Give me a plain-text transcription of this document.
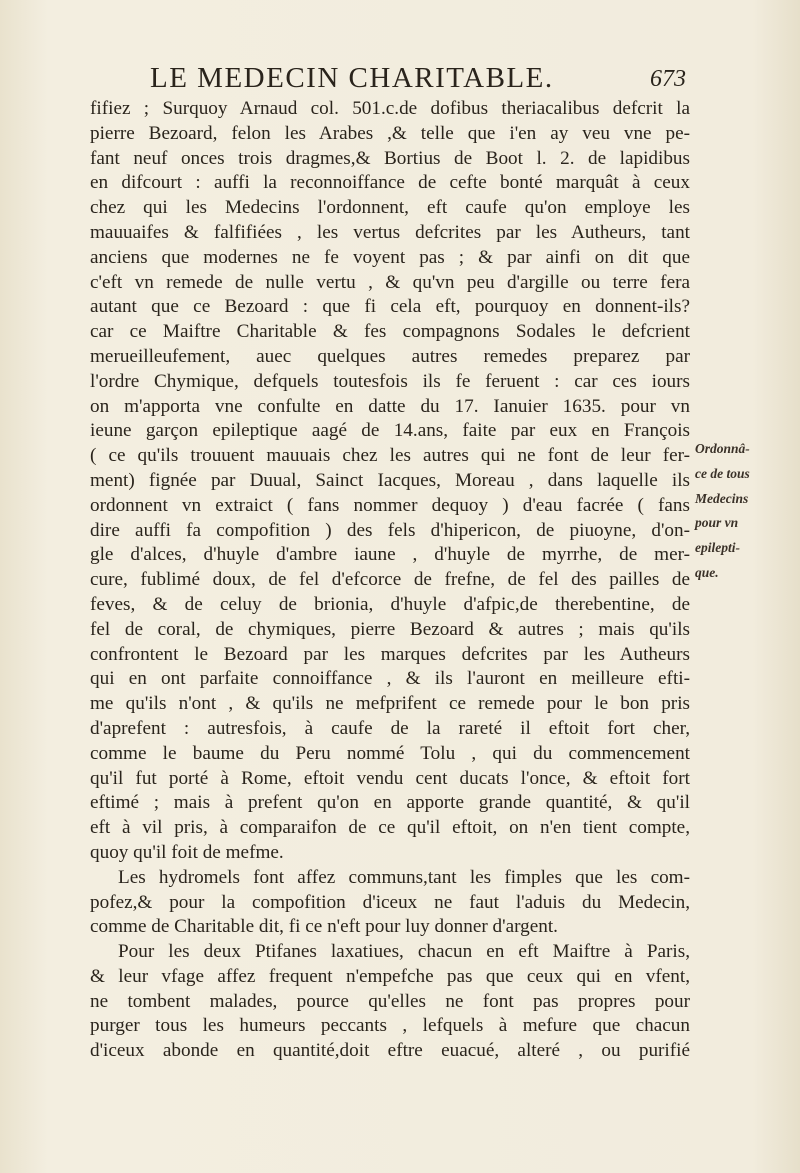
LE MEDECIN CHARITABLE.	673
fifiez ; Surquoy Arnaud col. 501.c.de dofibus theriacalibus defcrit la
pierre Bezoard, felon les Arabes ,& telle que i'en ay veu vne pe-
fant neuf onces trois dragmes,& Bortius de Boot l. 2. de lapidibus
en difcourt : auffi la reconnoiffance de cefte bonté marquât à ceux
chez qui les Medecins l'ordonnent, eft caufe qu'on employe les
mauuaifes & falfifiées , les vertus defcrites par les Autheurs, tant
anciens que modernes ne fe voyent pas ; & par ainfi on dit que
c'eft vn remede de nulle vertu , & qu'vn peu d'argille ou terre fera
autant que ce Bezoard : que fi cela eft, pourquoy en donnent-ils?
car ce Maiftre Charitable & fes compagnons Sodales le defcrient
merueilleufement, auec quelques autres remedes preparez par
l'ordre Chymique, defquels toutesfois ils fe feruent : car ces iours
on m'apporta vne confulte en datte du 17. Ianuier 1635. pour vn
ieune garçon epileptique aagé de 14.ans, faite par eux en François
( ce qu'ils trouuent mauuais chez les autres qui ne font de leur fer-
ment) fignée par Duual, Sainct Iacques, Moreau , dans laquelle ils
ordonnent vn extraict ( fans nommer dequoy ) d'eau facrée ( fans
dire auffi fa compofition ) des fels d'hipericon, de piuoyne, d'on-
gle d'alces, d'huyle d'ambre iaune , d'huyle de myrrhe, de mer-
cure, fublimé doux, de fel d'efcorce de frefne, de fel des pailles de
feves, & de celuy de brionia, d'huyle d'afpic,de therebentine, de
fel de coral, de chymiques, pierre Bezoard & autres ; mais qu'ils
confrontent le Bezoard par les marques defcrites par les Autheurs
qui en ont parfaite connoiffance , & ils l'auront en meilleure efti-
me qu'ils n'ont , & qu'ils ne mefprifent ce remede pour le bon pris
d'aprefent : autresfois, à caufe de la rareté il eftoit fort cher,
comme le baume du Peru nommé Tolu , qui du commencement
qu'il fut porté à Rome, eftoit vendu cent ducats l'once, & eftoit fort
eftimé ; mais à prefent qu'on en apporte grande quantité, & qu'il
eft à vil pris, à comparaifon de ce qu'il eftoit, on n'en tient compte,
quoy qu'il foit de mefme.
Les hydromels font affez communs,tant les fimples que les com-
pofez,& pour la compofition d'iceux ne faut l'aduis du Medecin,
comme de Charitable dit, fi ce n'eft pour luy donner d'argent.
Pour les deux Ptifanes laxatiues, chacun en eft Maiftre à Paris,
& leur vfage affez frequent n'empefche pas que ceux qui en vfent,
ne tombent malades, pource qu'elles ne font pas propres pour
purger tous les humeurs peccants , lefquels à mefure que chacun
d'iceux abonde en quantité,doit eftre euacué, alteré , ou purifié
Ordonnâ-
ce de tous
Medecins
pour vn
epilepti-
que.
